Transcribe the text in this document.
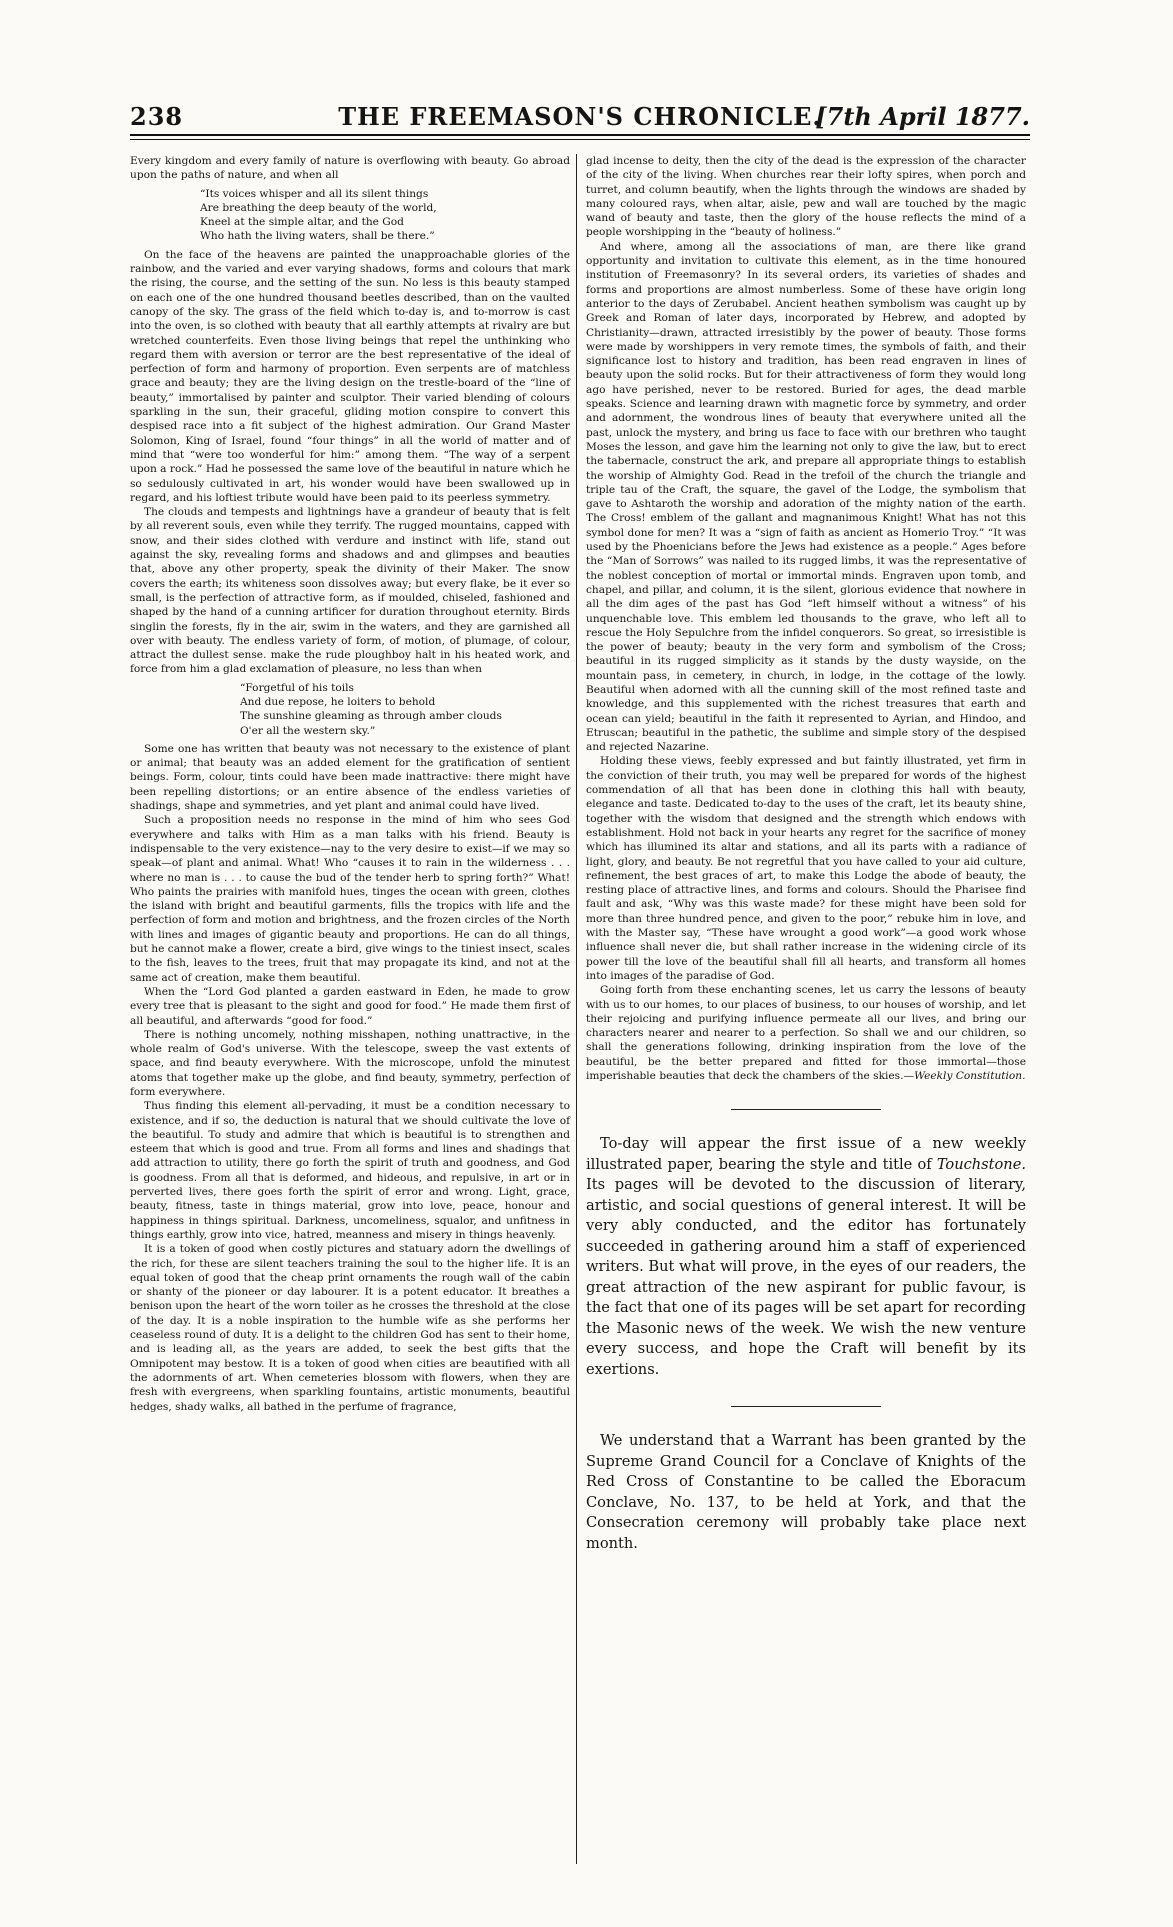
238	THE FREEMASON'S CHRONICLE.
[7th April 1877.

Every kingdom and every family of nature is overflowing with beauty. Go abroad upon the paths of nature, and when all

“Its voices whisper and all its silent things
Are breathing the deep beauty of the world,
Kneel at the simple altar, and the God
Who hath the living waters, shall be there.”

On the face of the heavens are painted the unapproachable glories of the rainbow, and the varied and ever varying shadows, forms and colours that mark the rising, the course, and the setting of the sun. No less is this beauty stamped on each one of the one hundred thousand beetles described, than on the vaulted canopy of the sky. The grass of the field which to-day is, and to-morrow is cast into the oven, is so clothed with beauty that all earthly attempts at rivalry are but wretched counterfeits. Even those living beings that repel the unthinking who regard them with aversion or terror are the best representative of the ideal of perfection of form and harmony of proportion. Even serpents are of matchless grace and beauty; they are the living design on the trestle-board of the “line of beauty,” immortalised by painter and sculptor. Their varied blending of colours sparkling in the sun, their graceful, gliding motion conspire to convert this despised race into a fit subject of the highest admiration. Our Grand Master Solomon, King of Israel, found “four things” in all the world of matter and of mind that “were too wonderful for him:” among them. “The way of a serpent upon a rock.” Had he possessed the same love of the beautiful in nature which he so sedulously cultivated in art, his wonder would have been swallowed up in regard, and his loftiest tribute would have been paid to its peerless symmetry.

The clouds and tempests and lightnings have a grandeur of beauty that is felt by all reverent souls, even while they terrify. The rugged mountains, capped with snow, and their sides clothed with verdure and instinct with life, stand out against the sky, revealing forms and shadows and and glimpses and beauties that, above any other property, speak the divinity of their Maker. The snow covers the earth; its whiteness soon dissolves away; but every flake, be it ever so small, is the perfection of attractive form, as if moulded, chiseled, fashioned and shaped by the hand of a cunning artificer for duration throughout eternity. Birds singlin the forests, fly in the air, swim in the waters, and they are garnished all over with beauty. The endless variety of form, of motion, of plumage, of colour, attract the dullest sense. make the rude ploughboy halt in his heated work, and force from him a glad exclamation of pleasure, no less than when

“Forgetful of his toils
And due repose, he loiters to behold
The sunshine gleaming as through amber clouds
O'er all the western sky.”

Some one has written that beauty was not necessary to the existence of plant or animal; that beauty was an added element for the gratification of sentient beings. Form, colour, tints could have been made inattractive: there might have been repelling distortions; or an entire absence of the endless varieties of shadings, shape and symmetries, and yet plant and animal could have lived.

Such a proposition needs no response in the mind of him who sees God everywhere and talks with Him as a man talks with his friend. Beauty is indispensable to the very existence—nay to the very desire to exist—if we may so speak—of plant and animal. What! Who “causes it to rain in the wilderness . . . where no man is . . . to cause the bud of the tender herb to spring forth?” What! Who paints the prairies with manifold hues, tinges the ocean with green, clothes the island with bright and beautiful garments, fills the tropics with life and the perfection of form and motion and brightness, and the frozen circles of the North with lines and images of gigantic beauty and proportions. He can do all things, but he cannot make a flower, create a bird, give wings to the tiniest insect, scales to the fish, leaves to the trees, fruit that may propagate its kind, and not at the same act of creation, make them beautiful.

When the “Lord God planted a garden eastward in Eden, he made to grow every tree that is pleasant to the sight and good for food.” He made them first of all beautiful, and afterwards “good for food.”

There is nothing uncomely, nothing misshapen, nothing unattractive, in the whole realm of God's universe. With the telescope, sweep the vast extents of space, and find beauty everywhere. With the microscope, unfold the minutest atoms that together make up the globe, and find beauty, symmetry, perfection of form everywhere.

Thus finding this element all-pervading, it must be a condition necessary to existence, and if so, the deduction is natural that we should cultivate the love of the beautiful. To study and admire that which is beautiful is to strengthen and esteem that which is good and true. From all forms and lines and shadings that add attraction to utility, there go forth the spirit of truth and goodness, and God is goodness. From all that is deformed, and hideous, and repulsive, in art or in perverted lives, there goes forth the spirit of error and wrong. Light, grace, beauty, fitness, taste in things material, grow into love, peace, honour and happiness in things spiritual. Darkness, uncomeliness, squalor, and unfitness in things earthly, grow into vice, hatred, meanness and misery in things heavenly.

It is a token of good when costly pictures and statuary adorn the dwellings of the rich, for these are silent teachers training the soul to the higher life. It is an equal token of good that the cheap print ornaments the rough wall of the cabin or shanty of the pioneer or day labourer. It is a potent educator. It breathes a benison upon the heart of the worn toiler as he crosses the threshold at the close of the day. It is a noble inspiration to the humble wife as she performs her ceaseless round of duty. It is a delight to the children God has sent to their home, and is leading all, as the years are added, to seek the best gifts that the Omnipotent may bestow. It is a token of good when cities are beautified with all the adornments of art. When cemeteries blossom with flowers, when they are fresh with evergreens, when sparkling fountains, artistic monuments, beautiful hedges, shady walks, all bathed in the perfume of fragrance,

glad incense to deity, then the city of the dead is the expression of the character of the city of the living. When churches rear their lofty spires, when porch and turret, and column beautify, when the lights through the windows are shaded by many coloured rays, when altar, aisle, pew and wall are touched by the magic wand of beauty and taste, then the glory of the house reflects the mind of a people worshipping in the “beauty of holiness.”

And where, among all the associations of man, are there like grand opportunity and invitation to cultivate this element, as in the time honoured institution of Freemasonry? In its several orders, its varieties of shades and forms and proportions are almost numberless. Some of these have origin long anterior to the days of Zerubabel. Ancient heathen symbolism was caught up by Greek and Roman of later days, incorporated by Hebrew, and adopted by Christianity—drawn, attracted irresistibly by the power of beauty. Those forms were made by worshippers in very remote times, the symbols of faith, and their significance lost to history and tradition, has been read engraven in lines of beauty upon the solid rocks. But for their attractiveness of form they would long ago have perished, never to be restored. Buried for ages, the dead marble speaks. Science and learning drawn with magnetic force by symmetry, and order and adornment, the wondrous lines of beauty that everywhere united all the past, unlock the mystery, and bring us face to face with our brethren who taught Moses the lesson, and gave him the learning not only to give the law, but to erect the tabernacle, construct the ark, and prepare all appropriate things to establish the worship of Almighty God. Read in the trefoil of the church the triangle and triple tau of the Craft, the square, the gavel of the Lodge, the symbolism that gave to Ashtaroth the worship and adoration of the mighty nation of the earth. The Cross! emblem of the gallant and magnanimous Knight! What has not this symbol done for men? It was a “sign of faith as ancient as Homerio Troy.” “It was used by the Phoenicians before the Jews had existence as a people.” Ages before the “Man of Sorrows” was nailed to its rugged limbs, it was the representative of the noblest conception of mortal or immortal minds. Engraven upon tomb, and chapel, and pillar, and column, it is the silent, glorious evidence that nowhere in all the dim ages of the past has God “left himself without a witness” of his unquenchable love. This emblem led thousands to the grave, who left all to rescue the Holy Sepulchre from the infidel conquerors. So great, so irresistible is the power of beauty; beauty in the very form and symbolism of the Cross; beautiful in its rugged simplicity as it stands by the dusty wayside, on the mountain pass, in cemetery, in church, in lodge, in the cottage of the lowly. Beautiful when adorned with all the cunning skill of the most refined taste and knowledge, and this supplemented with the richest treasures that earth and ocean can yield; beautiful in the faith it represented to Ayrian, and Hindoo, and Etruscan; beautiful in the pathetic, the sublime and simple story of the despised and rejected Nazarine.

Holding these views, feebly expressed and but faintly illustrated, yet firm in the conviction of their truth, you may well be prepared for words of the highest commendation of all that has been done in clothing this hall with beauty, elegance and taste. Dedicated to-day to the uses of the craft, let its beauty shine, together with the wisdom that designed and the strength which endows with establishment. Hold not back in your hearts any regret for the sacrifice of money which has illumined its altar and stations, and all its parts with a radiance of light, glory, and beauty. Be not regretful that you have called to your aid culture, refinement, the best graces of art, to make this Lodge the abode of beauty, the resting place of attractive lines, and forms and colours. Should the Pharisee find fault and ask, “Why was this waste made? for these might have been sold for more than three hundred pence, and given to the poor,” rebuke him in love, and with the Master say, “These have wrought a good work”—a good work whose influence shall never die, but shall rather increase in the widening circle of its power till the love of the beautiful shall fill all hearts, and transform all homes into images of the paradise of God.

Going forth from these enchanting scenes, let us carry the lessons of beauty with us to our homes, to our places of business, to our houses of worship, and let their rejoicing and purifying influence permeate all our lives, and bring our characters nearer and nearer to a perfection. So shall we and our children, so shall the generations following, drinking inspiration from the love of the beautiful, be the better prepared and fitted for those immortal—those imperishable beauties that deck the chambers of the skies.—Weekly Constitution.

To-day will appear the first issue of a new weekly illustrated paper, bearing the style and title of Touchstone. Its pages will be devoted to the discussion of literary, artistic, and social questions of general interest. It will be very ably conducted, and the editor has fortunately succeeded in gathering around him a staff of experienced writers. But what will prove, in the eyes of our readers, the great attraction of the new aspirant for public favour, is the fact that one of its pages will be set apart for recording the Masonic news of the week. We wish the new venture every success, and hope the Craft will benefit by its exertions.

We understand that a Warrant has been granted by the Supreme Grand Council for a Conclave of Knights of the Red Cross of Constantine to be called the Eboracum Conclave, No. 137, to be held at York, and that the Consecration ceremony will probably take place next month.
